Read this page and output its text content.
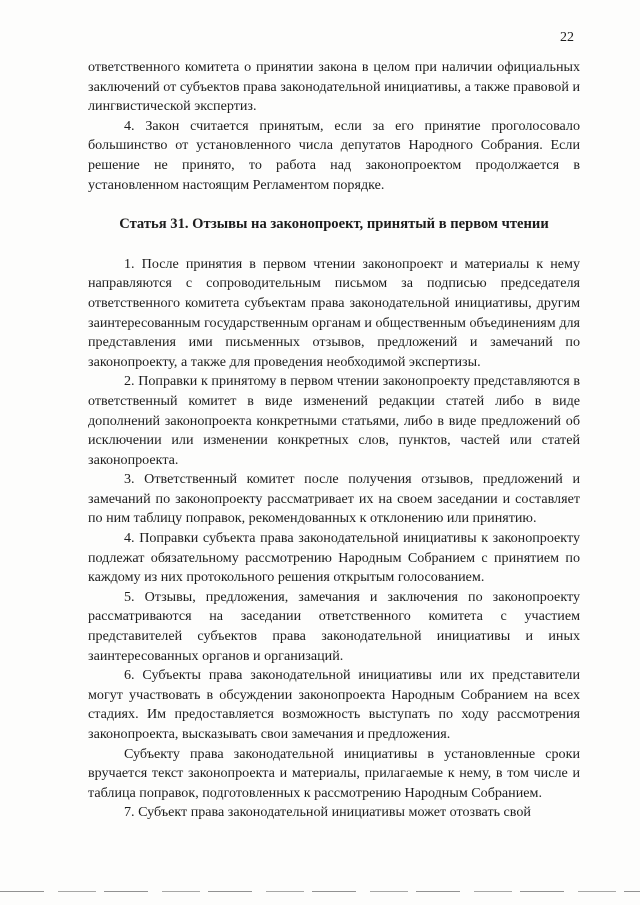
22

ответственного комитета о принятии закона в целом при наличии официальных заключений от субъектов права законодательной инициативы, а также правовой и лингвистической экспертиз.

4. Закон считается принятым, если за его принятие проголосовало большинство от установленного числа депутатов Народного Собрания. Если решение не принято, то работа над законопроектом продолжается в установленном настоящим Регламентом порядке.

Статья 31. Отзывы на законопроект, принятый в первом чтении

1. После принятия в первом чтении законопроект и материалы к нему направляются с сопроводительным письмом за подписью председателя ответственного комитета субъектам права законодательной инициативы, другим заинтересованным государственным органам и общественным объединениям для представления ими письменных отзывов, предложений и замечаний по законопроекту, а также для проведения необходимой экспертизы.

2. Поправки к принятому в первом чтении законопроекту представляются в ответственный комитет в виде изменений редакции статей либо в виде дополнений законопроекта конкретными статьями, либо в виде предложений об исключении или изменении конкретных слов, пунктов, частей или статей законопроекта.

3. Ответственный комитет после получения отзывов, предложений и замечаний по законопроекту рассматривает их на своем заседании и составляет по ним таблицу поправок, рекомендованных к отклонению или принятию.

4. Поправки субъекта права законодательной инициативы к законопроекту подлежат обязательному рассмотрению Народным Собранием с принятием по каждому из них протокольного решения открытым голосованием.

5. Отзывы, предложения, замечания и заключения по законопроекту рассматриваются на заседании ответственного комитета с участием представителей субъектов права законодательной инициативы и иных заинтересованных органов и организаций.

6. Субъекты права законодательной инициативы или их представители могут участвовать в обсуждении законопроекта Народным Собранием на всех стадиях. Им предоставляется возможность выступать по ходу рассмотрения законопроекта, высказывать свои замечания и предложения.

Субъекту права законодательной инициативы в установленные сроки вручается текст законопроекта и материалы, прилагаемые к нему, в том числе и таблица поправок, подготовленных к рассмотрению Народным Собранием.

7. Субъект права законодательной инициативы может отозвать свой
